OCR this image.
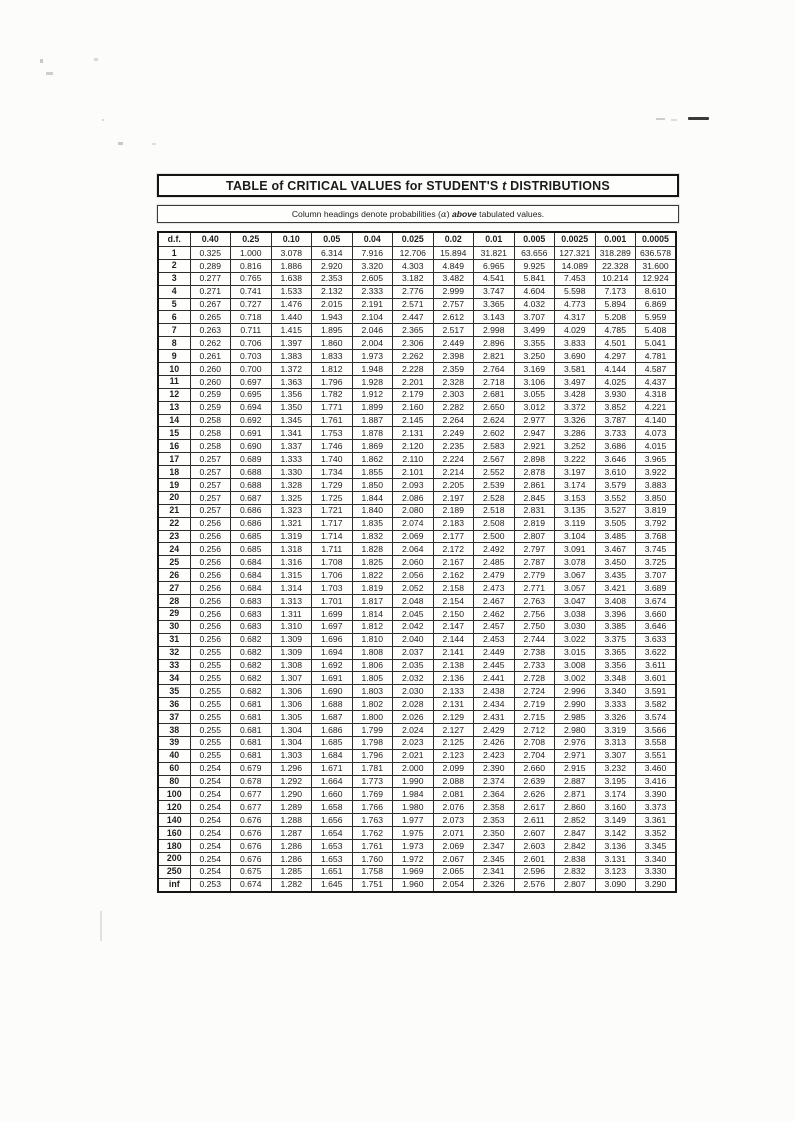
TABLE of CRITICAL VALUES for STUDENT'S t DISTRIBUTIONS
Column headings denote probabilities (α) above tabulated values.
d.f.	0.40	0.25	0.10	0.05	0.04	0.025	0.02	0.01	0.005	0.0025	0.001	0.0005
1	0.325	1.000	3.078	6.314	7.916	12.706	15.894	31.821	63.656	127.321	318.289	636.578
2	0.289	0.816	1.886	2.920	3.320	4.303	4.849	6.965	9.925	14.089	22.328	31.600
3	0.277	0.765	1.638	2.353	2.605	3.182	3.482	4.541	5.841	7.453	10.214	12.924
4	0.271	0.741	1.533	2.132	2.333	2.776	2.999	3.747	4.604	5.598	7.173	8.610
5	0.267	0.727	1.476	2.015	2.191	2.571	2.757	3.365	4.032	4.773	5.894	6.869
6	0.265	0.718	1.440	1.943	2.104	2.447	2.612	3.143	3.707	4.317	5.208	5.959
7	0.263	0.711	1.415	1.895	2.046	2.365	2.517	2.998	3.499	4.029	4.785	5.408
8	0.262	0.706	1.397	1.860	2.004	2.306	2.449	2.896	3.355	3.833	4.501	5.041
9	0.261	0.703	1.383	1.833	1.973	2.262	2.398	2.821	3.250	3.690	4.297	4.781
10	0.260	0.700	1.372	1.812	1.948	2.228	2.359	2.764	3.169	3.581	4.144	4.587
11	0.260	0.697	1.363	1.796	1.928	2.201	2.328	2.718	3.106	3.497	4.025	4.437
12	0.259	0.695	1.356	1.782	1.912	2.179	2.303	2.681	3.055	3.428	3.930	4.318
13	0.259	0.694	1.350	1.771	1.899	2.160	2.282	2.650	3.012	3.372	3.852	4.221
14	0.258	0.692	1.345	1.761	1.887	2.145	2.264	2.624	2.977	3.326	3.787	4.140
15	0.258	0.691	1.341	1.753	1.878	2.131	2.249	2.602	2.947	3.286	3.733	4.073
16	0.258	0.690	1.337	1.746	1.869	2.120	2.235	2.583	2.921	3.252	3.686	4.015
17	0.257	0.689	1.333	1.740	1.862	2.110	2.224	2.567	2.898	3.222	3.646	3.965
18	0.257	0.688	1.330	1.734	1.855	2.101	2.214	2.552	2.878	3.197	3.610	3.922
19	0.257	0.688	1.328	1.729	1.850	2.093	2.205	2.539	2.861	3.174	3.579	3.883
20	0.257	0.687	1.325	1.725	1.844	2.086	2.197	2.528	2.845	3.153	3.552	3.850
21	0.257	0.686	1.323	1.721	1.840	2.080	2.189	2.518	2.831	3.135	3.527	3.819
22	0.256	0.686	1.321	1.717	1.835	2.074	2.183	2.508	2.819	3.119	3.505	3.792
23	0.256	0.685	1.319	1.714	1.832	2.069	2.177	2.500	2.807	3.104	3.485	3.768
24	0.256	0.685	1.318	1.711	1.828	2.064	2.172	2.492	2.797	3.091	3.467	3.745
25	0.256	0.684	1.316	1.708	1.825	2.060	2.167	2.485	2.787	3.078	3.450	3.725
26	0.256	0.684	1.315	1.706	1.822	2.056	2.162	2.479	2.779	3.067	3.435	3.707
27	0.256	0.684	1.314	1.703	1.819	2.052	2.158	2.473	2.771	3.057	3.421	3.689
28	0.256	0.683	1.313	1.701	1.817	2.048	2.154	2.467	2.763	3.047	3.408	3.674
29	0.256	0.683	1.311	1.699	1.814	2.045	2.150	2.462	2.756	3.038	3.396	3.660
30	0.256	0.683	1.310	1.697	1.812	2.042	2.147	2.457	2.750	3.030	3.385	3.646
31	0.256	0.682	1.309	1.696	1.810	2.040	2.144	2.453	2.744	3.022	3.375	3.633
32	0.255	0.682	1.309	1.694	1.808	2.037	2.141	2.449	2.738	3.015	3.365	3.622
33	0.255	0.682	1.308	1.692	1.806	2.035	2.138	2.445	2.733	3.008	3.356	3.611
34	0.255	0.682	1.307	1.691	1.805	2.032	2.136	2.441	2.728	3.002	3.348	3.601
35	0.255	0.682	1.306	1.690	1.803	2.030	2.133	2.438	2.724	2.996	3.340	3.591
36	0.255	0.681	1.306	1.688	1.802	2.028	2.131	2.434	2.719	2.990	3.333	3.582
37	0.255	0.681	1.305	1.687	1.800	2.026	2.129	2.431	2.715	2.985	3.326	3.574
38	0.255	0.681	1.304	1.686	1.799	2.024	2.127	2.429	2.712	2.980	3.319	3.566
39	0.255	0.681	1.304	1.685	1.798	2.023	2.125	2.426	2.708	2.976	3.313	3.558
40	0.255	0.681	1.303	1.684	1.796	2.021	2.123	2.423	2.704	2.971	3.307	3.551
60	0.254	0.679	1.296	1.671	1.781	2.000	2.099	2.390	2.660	2.915	3.232	3.460
80	0.254	0.678	1.292	1.664	1.773	1.990	2.088	2.374	2.639	2.887	3.195	3.416
100	0.254	0.677	1.290	1.660	1.769	1.984	2.081	2.364	2.626	2.871	3.174	3.390
120	0.254	0.677	1.289	1.658	1.766	1.980	2.076	2.358	2.617	2.860	3.160	3.373
140	0.254	0.676	1.288	1.656	1.763	1.977	2.073	2.353	2.611	2.852	3.149	3.361
160	0.254	0.676	1.287	1.654	1.762	1.975	2.071	2.350	2.607	2.847	3.142	3.352
180	0.254	0.676	1.286	1.653	1.761	1.973	2.069	2.347	2.603	2.842	3.136	3.345
200	0.254	0.676	1.286	1.653	1.760	1.972	2.067	2.345	2.601	2.838	3.131	3.340
250	0.254	0.675	1.285	1.651	1.758	1.969	2.065	2.341	2.596	2.832	3.123	3.330
inf	0.253	0.674	1.282	1.645	1.751	1.960	2.054	2.326	2.576	2.807	3.090	3.290
